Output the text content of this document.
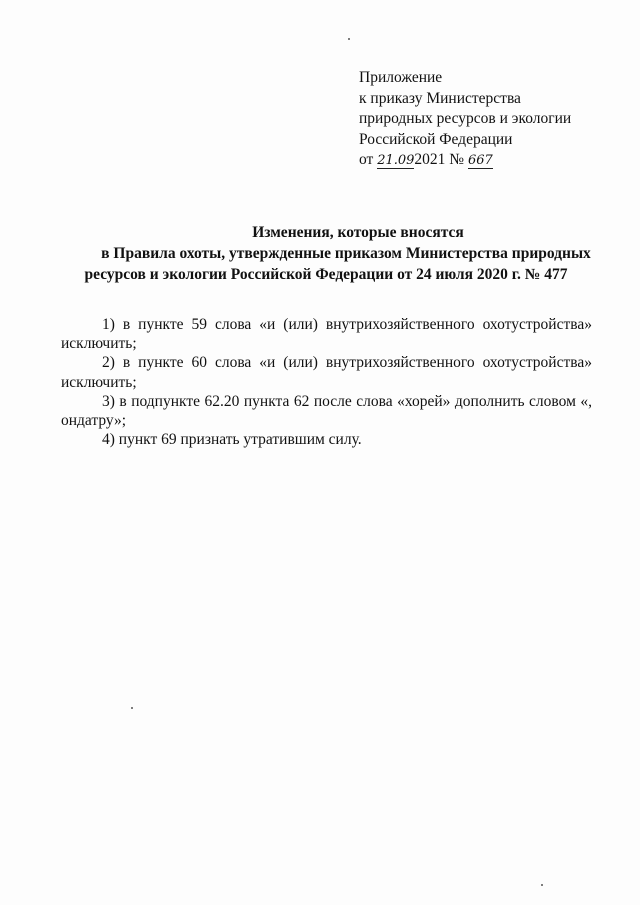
Приложение
к приказу Министерства
природных ресурсов и экологии
Российской Федерации
от 21.092021 № 667
Изменения, которые вносятся
в Правила охоты, утвержденные приказом Министерства природных
ресурсов и экологии Российской Федерации от 24 июля 2020 г. № 477

1) в пункте 59 слова «и (или) внутрихозяйственного охотустройства» исключить;

2) в пункте 60 слова «и (или) внутрихозяйственного охотустройства» исключить;

3) в подпункте 62.20 пункта 62 после слова «хорей» дополнить словом «, ондатру»;

4) пункт 69 признать утратившим силу.
